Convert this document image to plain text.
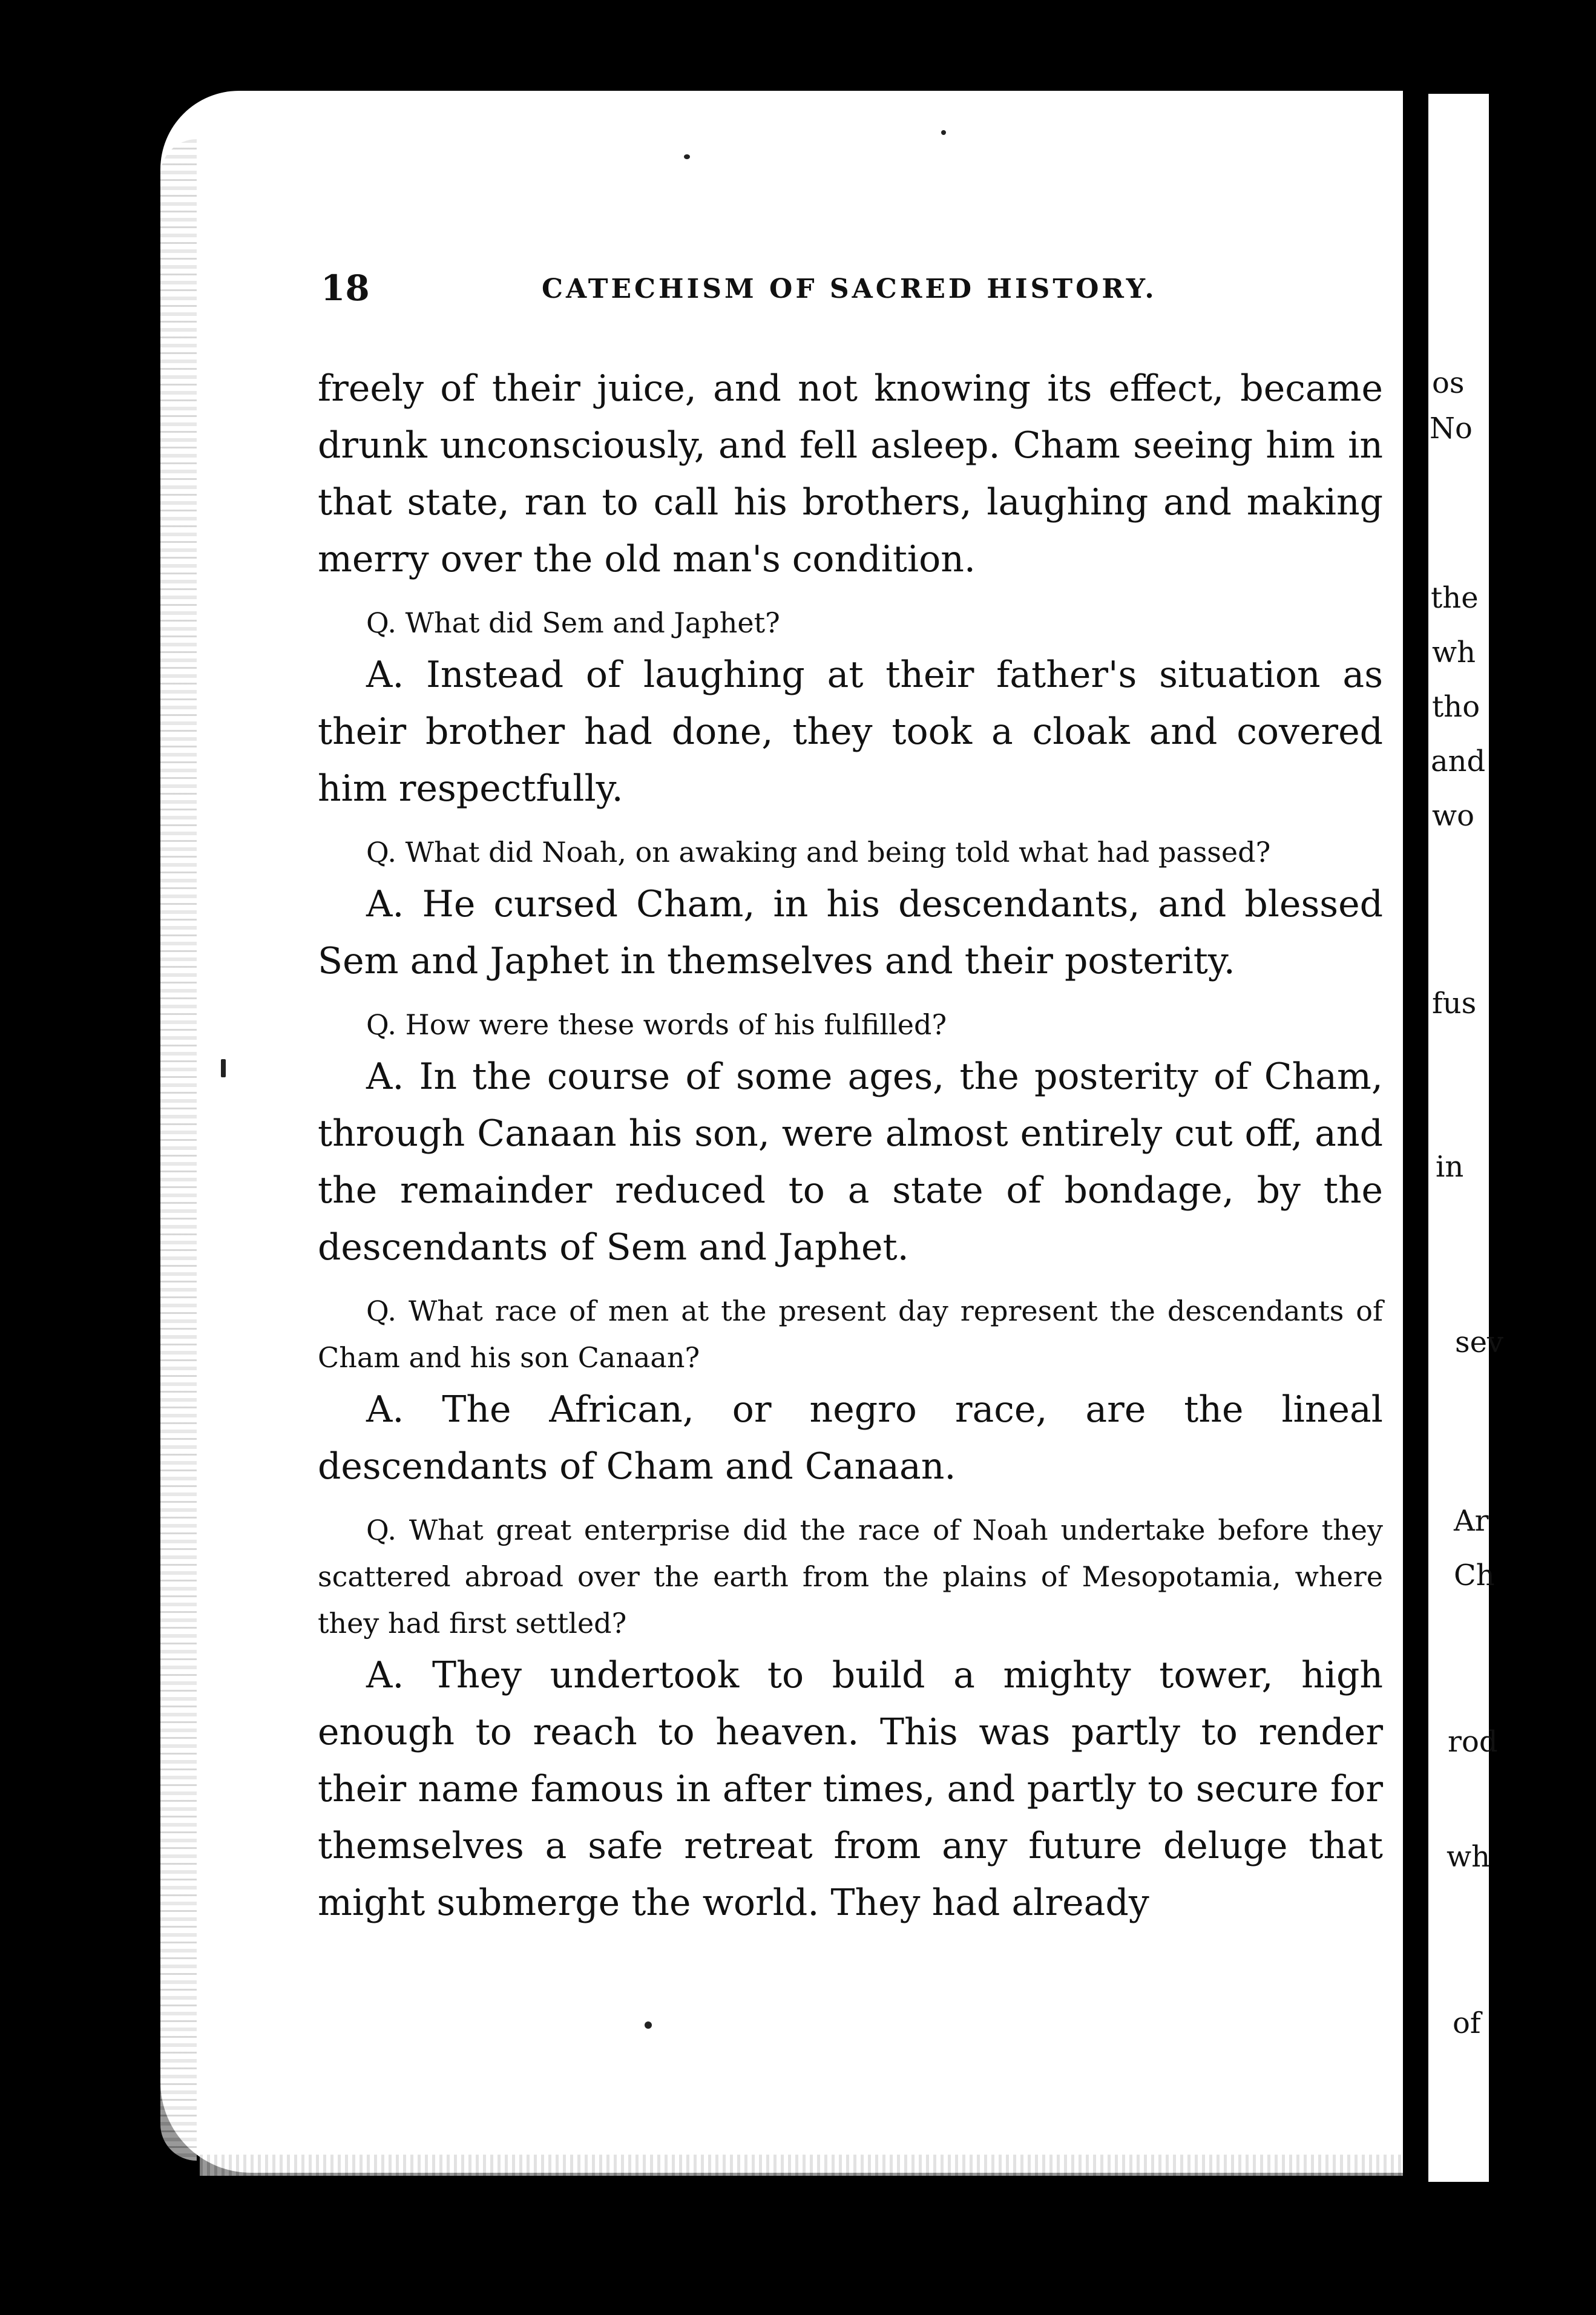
os
No
the
wh
tho
and
wo
fus
in
sev
Ar
Ch
rod
wh
of
18	CATECHISM OF SACRED HISTORY.

freely of their juice, and not knowing its effect, became drunk unconsciously, and fell asleep. Cham seeing him in that state, ran to call his brothers, laughing and making merry over the old man's condition.

Q. What did Sem and Japhet?

A. Instead of laughing at their father's situation as their brother had done, they took a cloak and covered him respectfully.

Q. What did Noah, on awaking and being told what had passed?

A. He cursed Cham, in his descendants, and blessed Sem and Japhet in themselves and their posterity.

Q. How were these words of his fulfilled?

A. In the course of some ages, the posterity of Cham, through Canaan his son, were almost entirely cut off, and the remainder reduced to a state of bondage, by the descendants of Sem and Japhet.

Q. What race of men at the present day represent the descendants of Cham and his son Canaan?

A. The African, or negro race, are the lineal descendants of Cham and Canaan.

Q. What great enterprise did the race of Noah undertake before they scattered abroad over the earth from the plains of Mesopotamia, where they had first settled?

A. They undertook to build a mighty tower, high enough to reach to heaven. This was partly to render their name famous in after times, and partly to secure for themselves a safe retreat from any future deluge that might submerge the world. They had already
